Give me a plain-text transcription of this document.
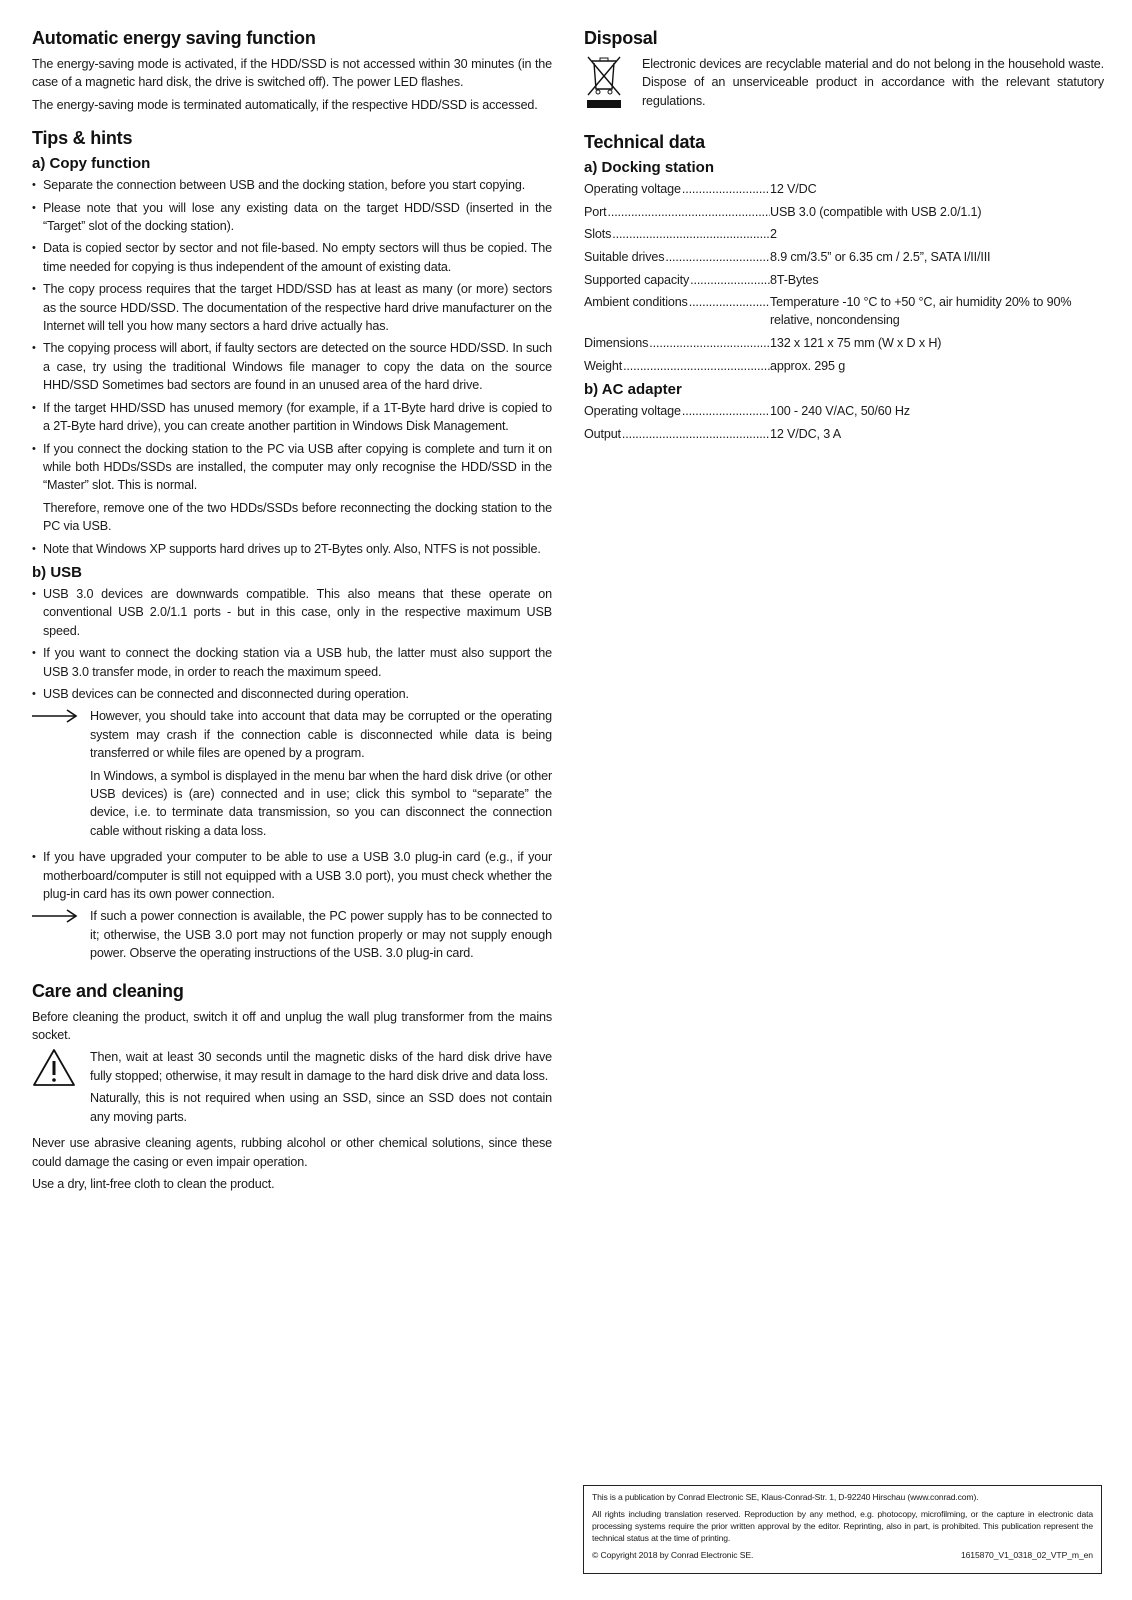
Automatic energy saving function

The energy-saving mode is activated, if the HDD/SSD is not accessed within 30 minutes (in the case of a magnetic hard disk, the drive is switched off). The power LED flashes.

The energy-saving mode is terminated automatically, if the respective HDD/SSD is accessed.

Tips & hints
a) Copy function
• Separate the connection between USB and the docking station, before you start copying.
• Please note that you will lose any existing data on the target HDD/SSD (inserted in the “Target” slot of the docking station).
• Data is copied sector by sector and not file-based. No empty sectors will thus be copied. The time needed for copying is thus independent of the amount of existing data.
• The copy process requires that the target HDD/SSD has at least as many (or more) sectors as the source HDD/SSD. The documentation of the respective hard drive manufacturer on the Internet will tell you how many sectors a hard drive actually has.
• The copying process will abort, if faulty sectors are detected on the source HDD/SSD. In such a case, try using the traditional Windows file manager to copy the data on the source HHD/SSD Sometimes bad sectors are found in an unused area of the hard drive.
• If the target HHD/SSD has unused memory (for example, if a 1T-Byte hard drive is copied to a 2T-Byte hard drive), you can create another partition in Windows Disk Management.
• If you connect the docking station to the PC via USB after copying is complete and turn it on while both HDDs/SSDs are installed, the computer may only recognise the HDD/SSD in the “Master” slot. This is normal.

Therefore, remove one of the two HDDs/SSDs before reconnecting the docking station to the PC via USB.

• Note that Windows XP supports hard drives up to 2T-Bytes only. Also, NTFS is not possible.
b) USB
• USB 3.0 devices are downwards compatible. This also means that these operate on conventional USB 2.0/1.1 ports - but in this case, only in the respective maximum USB speed.
• If you want to connect the docking station via a USB hub, the latter must also support the USB 3.0 transfer mode, in order to reach the maximum speed.
• USB devices can be connected and disconnected during operation.

However, you should take into account that data may be corrupted or the operating system may crash if the connection cable is disconnected while data is being transferred or while files are opened by a program.

In Windows, a symbol is displayed in the menu bar when the hard disk drive (or other USB devices) is (are) connected and in use; click this symbol to “separate” the device, i.e. to terminate data transmission, so you can disconnect the connection cable without risking a data loss.

• If you have upgraded your computer to be able to use a USB 3.0 plug-in card (e.g., if your motherboard/computer is still not equipped with a USB 3.0 port), you must check whether the plug-in card has its own power connection.

If such a power connection is available, the PC power supply has to be connected to it; otherwise, the USB 3.0 port may not function properly or may not supply enough power. Observe the operating instructions of the USB. 3.0 plug-in card.

Care and cleaning

Before cleaning the product, switch it off and unplug the wall plug transformer from the mains socket.

Then, wait at least 30 seconds until the magnetic disks of the hard disk drive have fully stopped; otherwise, it may result in damage to the hard disk drive and data loss.

Naturally, this is not required when using an SSD, since an SSD does not contain any moving parts.

Never use abrasive cleaning agents, rubbing alcohol or other chemical solutions, since these could damage the casing or even impair operation.

Use a dry, lint-free cloth to clean the product.

Disposal

Electronic devices are recyclable material and do not belong in the household waste. Dispose of an unserviceable product in accordance with the relevant statutory regulations.

Technical data
a) Docking station
Operating voltage .....	12 V/DC
Port .....	USB 3.0 (compatible with USB 2.0/1.1)
Slots .....	2
Suitable drives .....	8.9 cm/3.5” or 6.35 cm / 2.5”, SATA I/II/III
Supported capacity .....	8T-Bytes
Ambient conditions .....	Temperature -10 °C to +50 °C, air humidity 20% to 90% relative, noncondensing
Dimensions .....	132 x 121 x 75 mm (W x D x H)
Weight .....	approx. 295 g
b) AC adapter
Operating voltage .....	100 - 240 V/AC, 50/60 Hz
Output .....	12 V/DC, 3 A

This is a publication by Conrad Electronic SE, Klaus-Conrad-Str. 1, D-92240 Hirschau (www.conrad.com).

All rights including translation reserved. Reproduction by any method, e.g. photocopy, microfilming, or the capture in electronic data processing systems require the prior written approval by the editor. Reprinting, also in part, is prohibited. This publication represent the technical status at the time of printing.

© Copyright 2018 by Conrad Electronic SE.	1615870_V1_0318_02_VTP_m_en
